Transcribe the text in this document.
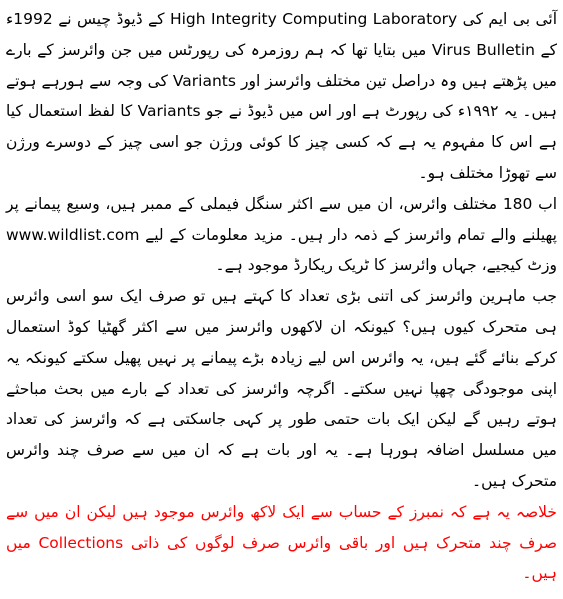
آئی بی ایم کی High Integrity Computing Laboratory کے ڈیوڈ چیس نے 1992ء کے Virus Bulletin میں بتایا تھا کہ ہم روزمرہ کی رپورٹس میں جن وائرسز کے بارے میں پڑھتے ہیں وہ دراصل تین مختلف وائرسز اور Variants کی وجہ سے ہورہے ہوتے ہیں۔ یہ ۱۹۹۲ء کی رپورٹ ہے اور اس میں ڈیوڈ نے جو Variants کا لفظ استعمال کیا ہے اس کا مفہوم یہ ہے کہ کسی چیز کا کوئی ورژن جو اسی چیز کے دوسرے ورژن سے تھوڑا مختلف ہو۔

اب 180 مختلف وائرس، ان میں سے اکثر سنگل فیملی کے ممبر ہیں، وسیع پیمانے پر پھیلنے والے تمام وائرسز کے ذمہ دار ہیں۔ مزید معلومات کے لیے www.wildlist.com وزٹ کیجیے، جہاں وائرسز کا ٹریک ریکارڈ موجود ہے۔

جب ماہرین وائرسز کی اتنی بڑی تعداد کا کہتے ہیں تو صرف ایک سو اسی وائرس ہی متحرک کیوں ہیں؟ کیونکہ ان لاکھوں وائرسز میں سے اکثر گھٹیا کوڈ استعمال کرکے بنائے گئے ہیں، یہ وائرس اس لیے زیادہ بڑے پیمانے پر نہیں پھیل سکتے کیونکہ یہ اپنی موجودگی چھپا نہیں سکتے۔ اگرچہ وائرسز کی تعداد کے بارے میں بحث مباحثے ہوتے رہیں گے لیکن ایک بات حتمی طور پر کہی جاسکتی ہے کہ وائرسز کی تعداد میں مسلسل اضافہ ہورہا ہے۔ یہ اور بات ہے کہ ان میں سے صرف چند وائرس متحرک ہیں۔

خلاصہ یہ ہے کہ نمبرز کے حساب سے ایک لاکھ وائرس موجود ہیں لیکن ان میں سے صرف چند متحرک ہیں اور باقی وائرس صرف لوگوں کی ذاتی Collections میں ہیں۔
